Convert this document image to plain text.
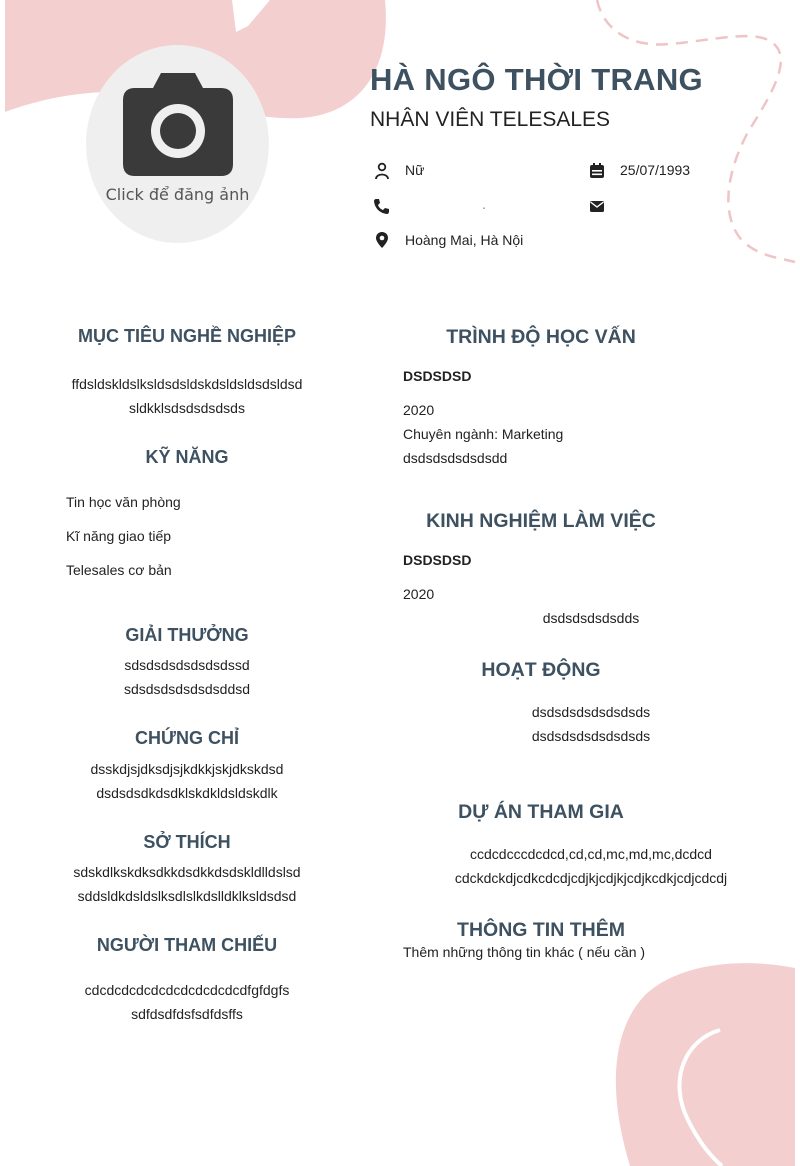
Click để đăng ảnh
HÀ NGÔ THỜI TRANG
NHÂN VIÊN TELESALES
Nữ	25/07/1993
.
Hoàng Mai, Hà Nội
MỤC TIÊU NGHỀ NGHIỆP
ffdsldskldslksldsdsldskdsldsldsdsldsd
sldkklsdsdsdsdsds
KỸ NĂNG
Tin học văn phòng
Kĩ năng giao tiếp
Telesales cơ bản
GIẢI THƯỞNG
sdsdsdsdsdsdsdssd
sdsdsdsdsdsdsddsd
CHỨNG CHỈ
dsskdjsjdksdjsjkdkkjskjdkskdsd
dsdsdsdkdsdklskdkldsldskdlk
SỞ THÍCH
sdskdlkskdksdkkdsdkkdsdskldlldslsd
sddsldkdsldslksdlslkdslldklksldsdsd
NGƯỜI THAM CHIẾU
cdcdcdcdcdcdcdcdcdcdcdfgfdgfs
sdfdsdfdsfsdfdsffs
TRÌNH ĐỘ HỌC VẤN
DSDSDSD
2020
Chuyên ngành: Marketing
dsdsdsdsdsdsdd
KINH NGHIỆM LÀM VIỆC
DSDSDSD
2020
dsdsdsdsdsdds
HOẠT ĐỘNG
dsdsdsdsdsdsdsds
dsdsdsdsdsdsdsds
DỰ ÁN THAM GIA
ccdcdcccdcdcd,cd,cd,mc,md,mc,dcdcd
cdckdckdjcdkcdcdjcdjkjcdjkjcdjkcdkjcdjcdcdj
THÔNG TIN THÊM
Thêm những thông tin khác ( nếu cần )
